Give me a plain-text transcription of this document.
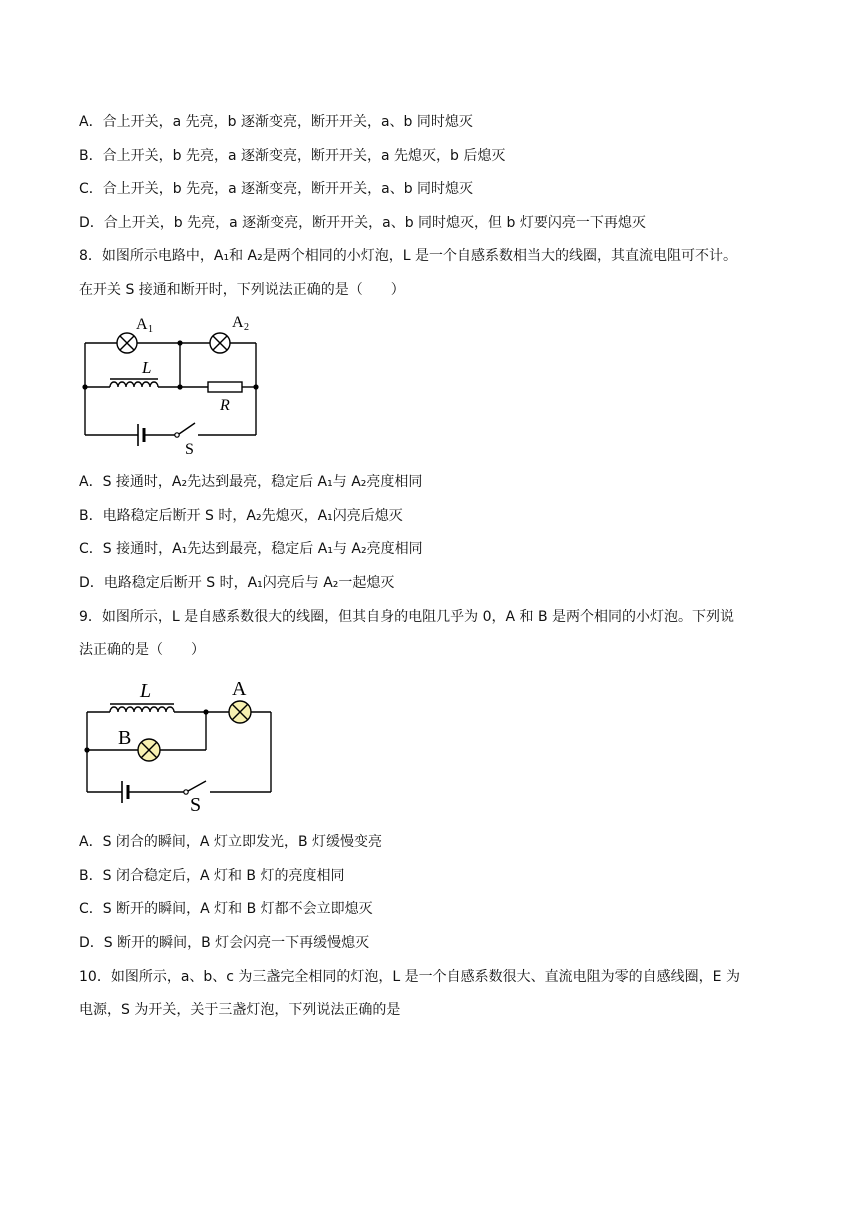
A．合上开关，a 先亮，b 逐渐变亮，断开开关，a、b 同时熄灭
B．合上开关，b 先亮，a 逐渐变亮，断开开关，a 先熄灭，b 后熄灭
C．合上开关，b 先亮，a 逐渐变亮，断开开关，a、b 同时熄灭
D．合上开关，b 先亮，a 逐渐变亮，断开开关，a、b 同时熄灭，但 b 灯要闪亮一下再熄灭
8．如图所示电路中，A₁和 A₂是两个相同的小灯泡，L 是一个自感系数相当大的线圈，其直流电阻可不计。
在开关 S 接通和断开时，下列说法正确的是（　　）
A 1	A 2
L
R
S
A．S 接通时，A₂先达到最亮，稳定后 A₁与 A₂亮度相同
B．电路稳定后断开 S 时，A₂先熄灭，A₁闪亮后熄灭
C．S 接通时，A₁先达到最亮，稳定后 A₁与 A₂亮度相同
D．电路稳定后断开 S 时，A₁闪亮后与 A₂一起熄灭
9．如图所示，L 是自感系数很大的线圈，但其自身的电阻几乎为 0，A 和 B 是两个相同的小灯泡。下列说
法正确的是（　　）
L	A
B
S
A．S 闭合的瞬间，A 灯立即发光，B 灯缓慢变亮
B．S 闭合稳定后，A 灯和 B 灯的亮度相同
C．S 断开的瞬间，A 灯和 B 灯都不会立即熄灭
D．S 断开的瞬间，B 灯会闪亮一下再缓慢熄灭
10．如图所示，a、b、c 为三盏完全相同的灯泡，L 是一个自感系数很大、直流电阻为零的自感线圈，E 为
电源，S 为开关，关于三盏灯泡，下列说法正确的是
